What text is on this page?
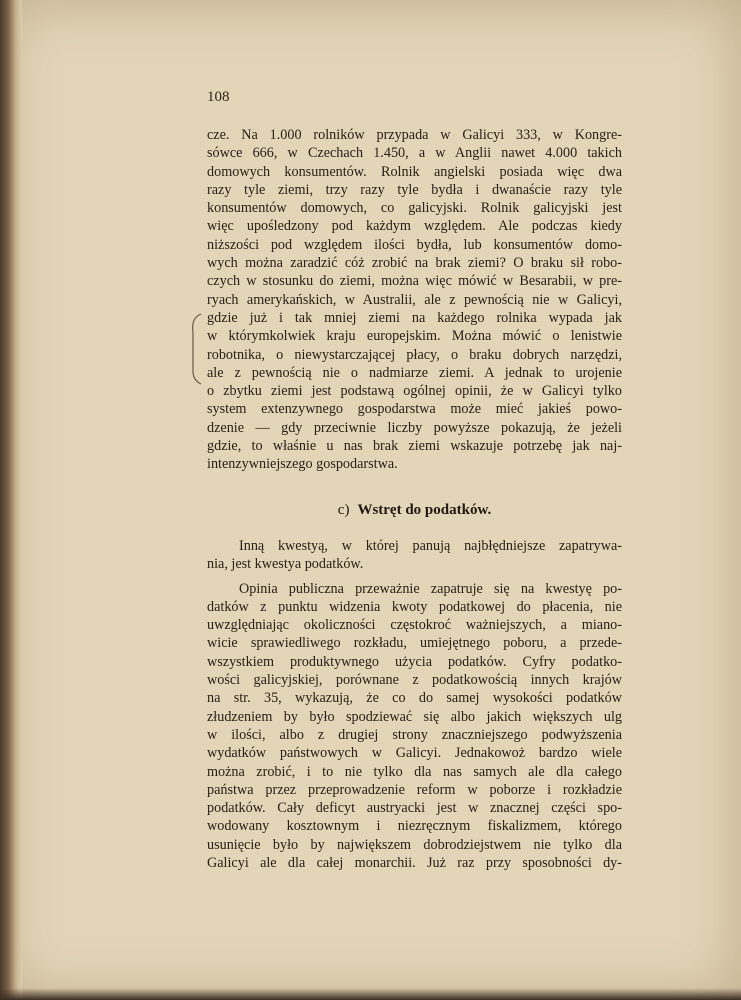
108
cze. Na 1.000 rolników przypada w Galicyi 333, w Kongre-
sówce 666, w Czechach 1.450, a w Anglii nawet 4.000 takich
domowych konsumentów. Rolnik angielski posiada więc dwa
razy tyle ziemi, trzy razy tyle bydła i dwanaście razy tyle
konsumentów domowych, co galicyjski. Rolnik galicyjski jest
więc upośledzony pod każdym względem. Ale podczas kiedy
niższości pod względem ilości bydła, lub konsumentów domo-
wych można zaradzić cóż zrobić na brak ziemi? O braku sił robo-
czych w stosunku do ziemi, można więc mówić w Besarabii, w pre-
ryach amerykańskich, w Australii, ale z pewnością nie w Galicyi,
gdzie już i tak mniej ziemi na każdego rolnika wypada jak
w którymkolwiek kraju europejskim. Można mówić o lenistwie
robotnika, o niewystarczającej płacy, o braku dobrych narzędzi,
ale z pewnością nie o nadmiarze ziemi. A jednak to urojenie
o zbytku ziemi jest podstawą ogólnej opinii, że w Galicyi tylko
system extenzywnego gospodarstwa może mieć jakieś powo-
dzenie — gdy przeciwnie liczby powyższe pokazują, że jeżeli
gdzie, to właśnie u nas brak ziemi wskazuje potrzebę jak naj-
intenzywniejszego gospodarstwa.
c) Wstręt do podatków.
Inną kwestyą, w której panują najbłędniejsze zapatrywa-
nia, jest kwestya podatków.
Opinia publiczna przeważnie zapatruje się na kwestyę po-
datków z punktu widzenia kwoty podatkowej do płacenia, nie
uwzględniając okoliczności częstokroć ważniejszych, a miano-
wicie sprawiedliwego rozkładu, umiejętnego poboru, a przede-
wszystkiem produktywnego użycia podatków. Cyfry podatko-
wości galicyjskiej, porównane z podatkowością innych krajów
na str. 35, wykazują, że co do samej wysokości podatków
złudzeniem by było spodziewać się albo jakich większych ulg
w ilości, albo z drugiej strony znaczniejszego podwyższenia
wydatków państwowych w Galicyi. Jednakowoż bardzo wiele
można zrobić, i to nie tylko dla nas samych ale dla całego
państwa przez przeprowadzenie reform w poborze i rozkładzie
podatków. Cały deficyt austryacki jest w znacznej części spo-
wodowany kosztownym i niezręcznym fiskalizmem, którego
usunięcie było by największem dobrodziejstwem nie tylko dla
Galicyi ale dla całej monarchii. Już raz przy sposobności dy-
